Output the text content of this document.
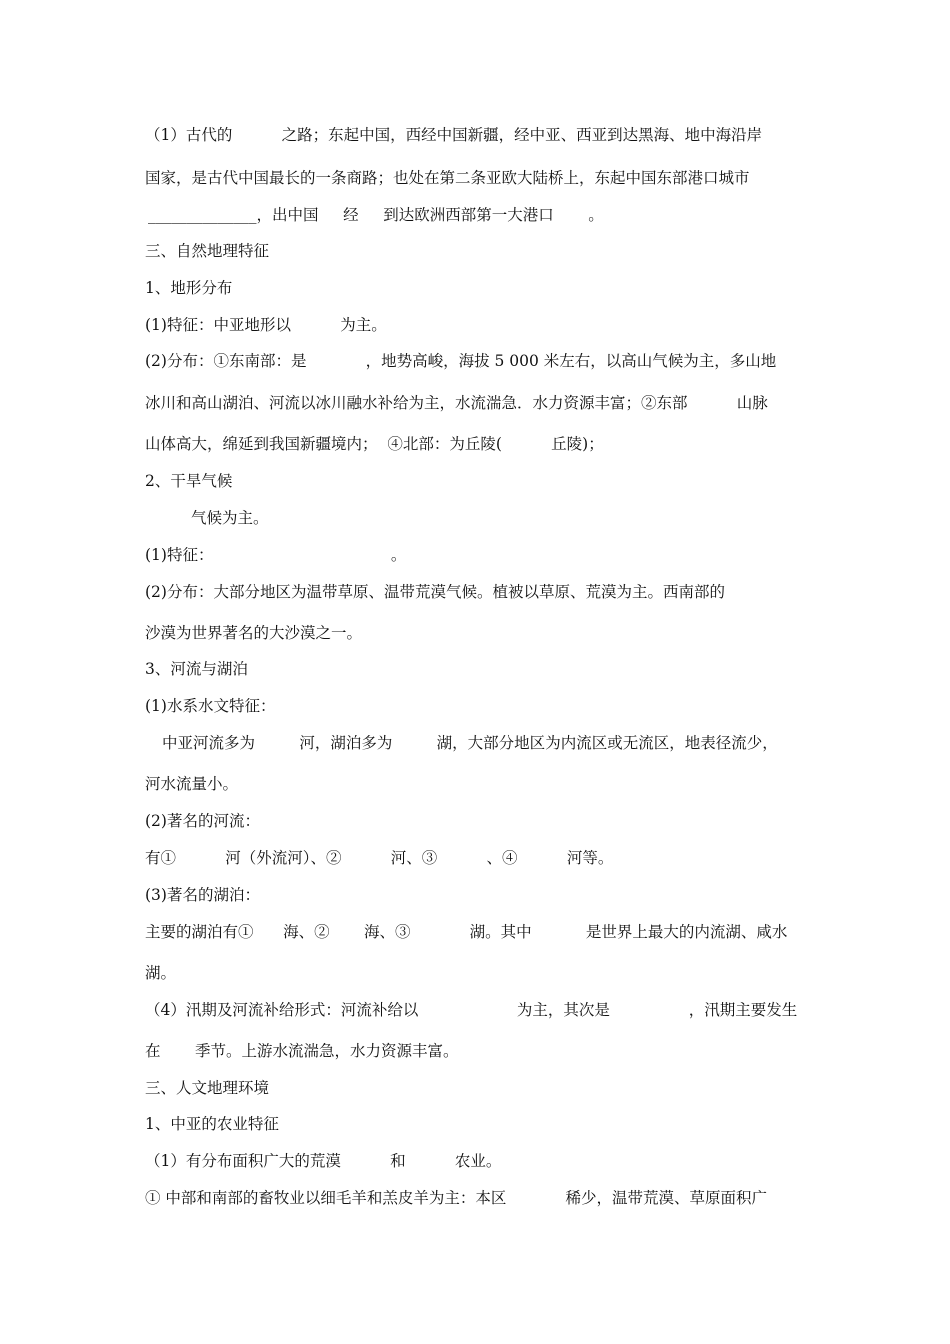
（1）古代的          之路；东起中国，西经中国新疆，经中亚、西亚到达黑海、地中海沿岸
国家，是古代中国最长的一条商路；也处在第二条亚欧大陆桥上，东起中国东部港口城市
______________，出中国     经     到达欧洲西部第一大港口       。
三、自然地理特征
1、地形分布
(1)特征：中亚地形以          为主。
(2)分布：①东南部：是            ，地势高峻，海拔 5 000 米左右，以高山气候为主，多山地
冰川和高山湖泊、河流以冰川融水补给为主，水流湍急．水力资源丰富；②东部          山脉
山体高大，绵延到我国新疆境内；  ④北部：为丘陵(          丘陵)；
2、干旱气候
气候为主。
(1)特征：                                    。
(2)分布：大部分地区为温带草原、温带荒漠气候。植被以草原、荒漠为主。西南部的
沙漠为世界著名的大沙漠之一。
3、河流与湖泊
(1)水系水文特征：
中亚河流多为         河，湖泊多为         湖，大部分地区为内流区或无流区，地表径流少，
河水流量小。
(2)著名的河流：
有①          河（外流河）、②          河、③          、④          河等。
(3)著名的湖泊：
主要的湖泊有①      海、②       海、③            湖。其中           是世界上最大的内流湖、咸水
湖。
（4）汛期及河流补给形式：河流补给以                    为主，其次是                ，汛期主要发生
在       季节。上游水流湍急，水力资源丰富。
三、人文地理环境
1、中亚的农业特征
（1）有分布面积广大的荒漠          和          农业。
① 中部和南部的畜牧业以细毛羊和羔皮羊为主：本区            稀少，温带荒漠、草原面积广
